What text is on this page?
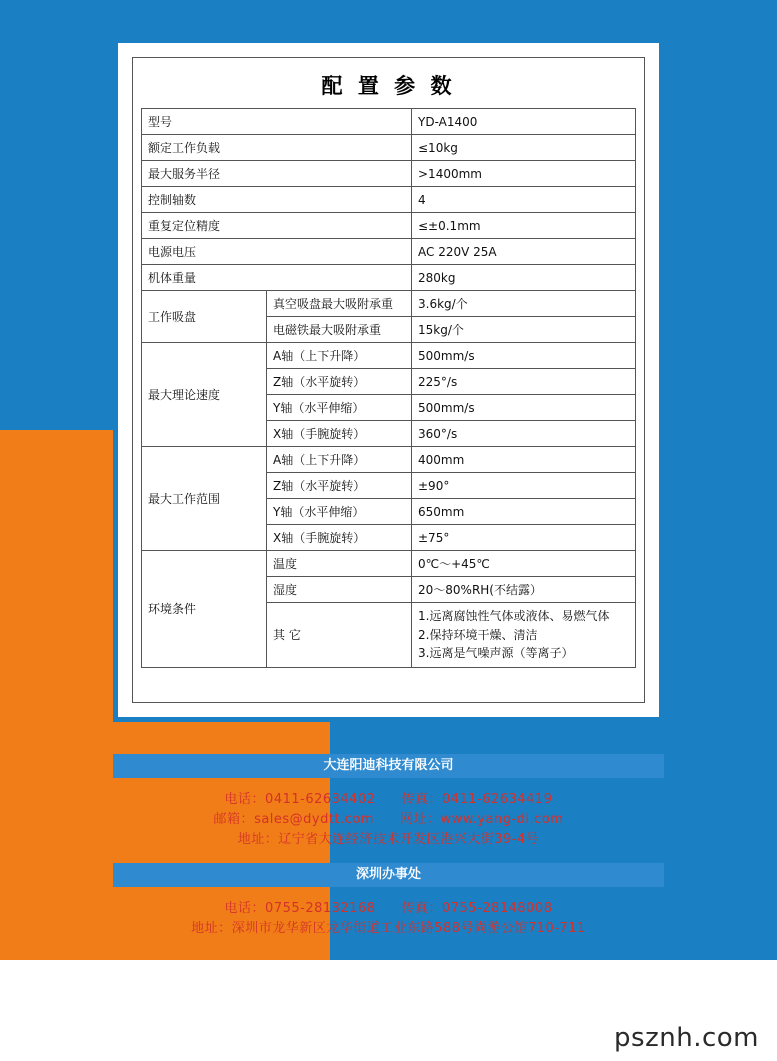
配 置 参 数
型号		YD-A1400
额定工作负载		≤10kg
最大服务半径		>1400mm
控制轴数		4
重复定位精度		≤±0.1mm
电源电压		AC 220V 25A
机体重量		280kg
工作吸盘	真空吸盘最大吸附承重	3.6kg/个
	电磁铁最大吸附承重	15kg/个
最大理论速度	A轴（上下升降）	500mm/s
	Z轴（水平旋转）	225°/s
	Y轴（水平伸缩）	500mm/s
	X轴（手腕旋转）	360°/s
最大工作范围	A轴（上下升降）	400mm
	Z轴（水平旋转）	±90°
	Y轴（水平伸缩）	650mm
	X轴（手腕旋转）	±75°
环境条件	温度	0℃～+45℃
	湿度	20～80%RH(不结露）
	其 它	1.远离腐蚀性气体或液体、易燃气体
2.保持环境干燥、清洁
3.远离是气噪声源（等离子）
大连阳迪科技有限公司
电话：0411-62634402 传真：0411-62634419
邮箱：sales@dydtt.com 网址：www.yang-di.com
地址：辽宁省大连经济技术开发区港兴大街39-4号
深圳办事处
电话：0755-28132168 传真：0755-28148008
地址：深圳市龙华新区龙华街道工业东路588号尚游公馆710-711
psznh.com
